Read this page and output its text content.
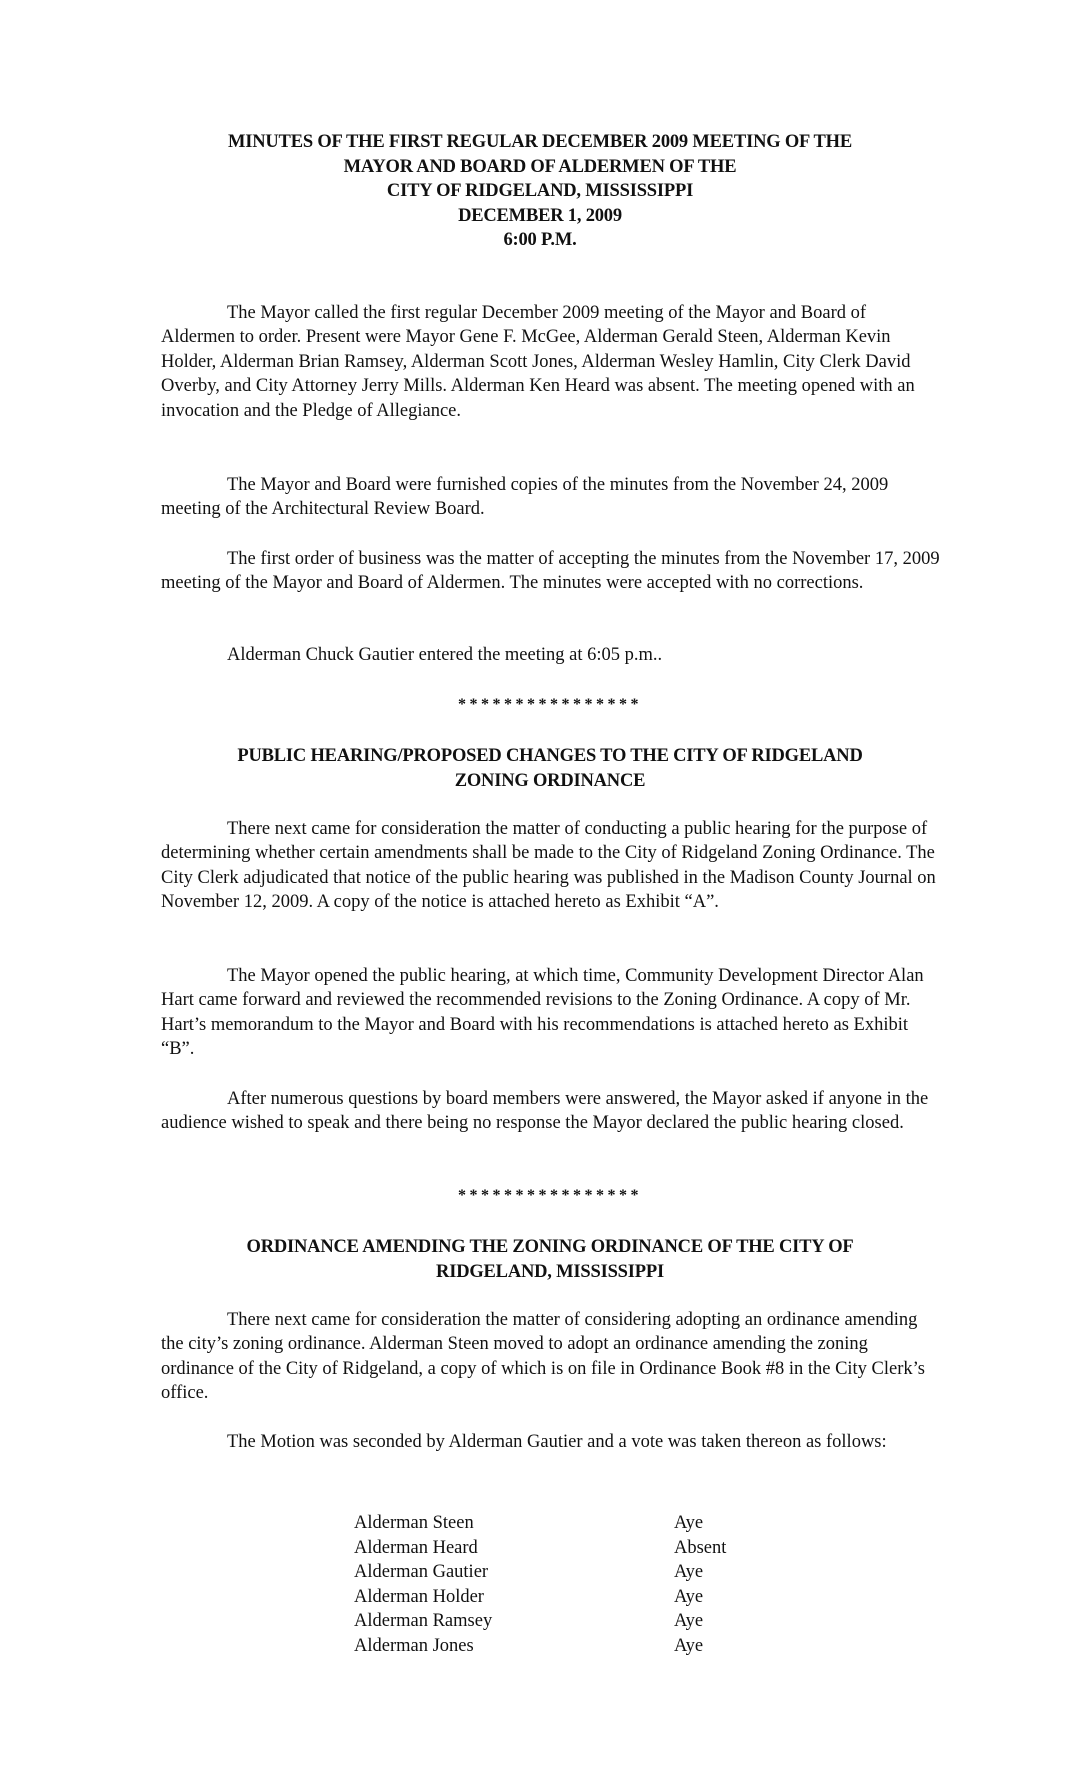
MINUTES OF THE FIRST REGULAR DECEMBER 2009 MEETING OF THE
MAYOR AND BOARD OF ALDERMEN OF THE
CITY OF RIDGELAND, MISSISSIPPI
DECEMBER 1, 2009
6:00 P.M.

The Mayor called the first regular December 2009 meeting of the Mayor and Board of Aldermen to order. Present were Mayor Gene F. McGee, Alderman Gerald Steen, Alderman Kevin Holder, Alderman Brian Ramsey, Alderman Scott Jones, Alderman Wesley Hamlin, City Clerk David Overby, and City Attorney Jerry Mills. Alderman Ken Heard was absent. The meeting opened with an invocation and the Pledge of Allegiance.

The Mayor and Board were furnished copies of the minutes from the November 24, 2009 meeting of the Architectural Review Board.

The first order of business was the matter of accepting the minutes from the November 17, 2009 meeting of the Mayor and Board of Aldermen. The minutes were accepted with no corrections.

Alderman Chuck Gautier entered the meeting at 6:05 p.m..
****************
PUBLIC HEARING/PROPOSED CHANGES TO THE CITY OF RIDGELAND
ZONING ORDINANCE

There next came for consideration the matter of conducting a public hearing for the purpose of determining whether certain amendments shall be made to the City of Ridgeland Zoning Ordinance. The City Clerk adjudicated that notice of the public hearing was published in the Madison County Journal on November 12, 2009. A copy of the notice is attached hereto as Exhibit “A”.

The Mayor opened the public hearing, at which time, Community Development Director Alan Hart came forward and reviewed the recommended revisions to the Zoning Ordinance. A copy of Mr. Hart’s memorandum to the Mayor and Board with his recommendations is attached hereto as Exhibit “B”.

After numerous questions by board members were answered, the Mayor asked if anyone in the audience wished to speak and there being no response the Mayor declared the public hearing closed.

****************
ORDINANCE AMENDING THE ZONING ORDINANCE OF THE CITY OF
RIDGELAND, MISSISSIPPI

There next came for consideration the matter of considering adopting an ordinance amending the city’s zoning ordinance. Alderman Steen moved to adopt an ordinance amending the zoning ordinance of the City of Ridgeland, a copy of which is on file in Ordinance Book #8 in the City Clerk’s office.

The Motion was seconded by Alderman Gautier and a vote was taken thereon as follows:

Alderman Steen	Aye
Alderman Heard	Absent
Alderman Gautier	Aye
Alderman Holder	Aye
Alderman Ramsey	Aye
Alderman Jones	Aye
